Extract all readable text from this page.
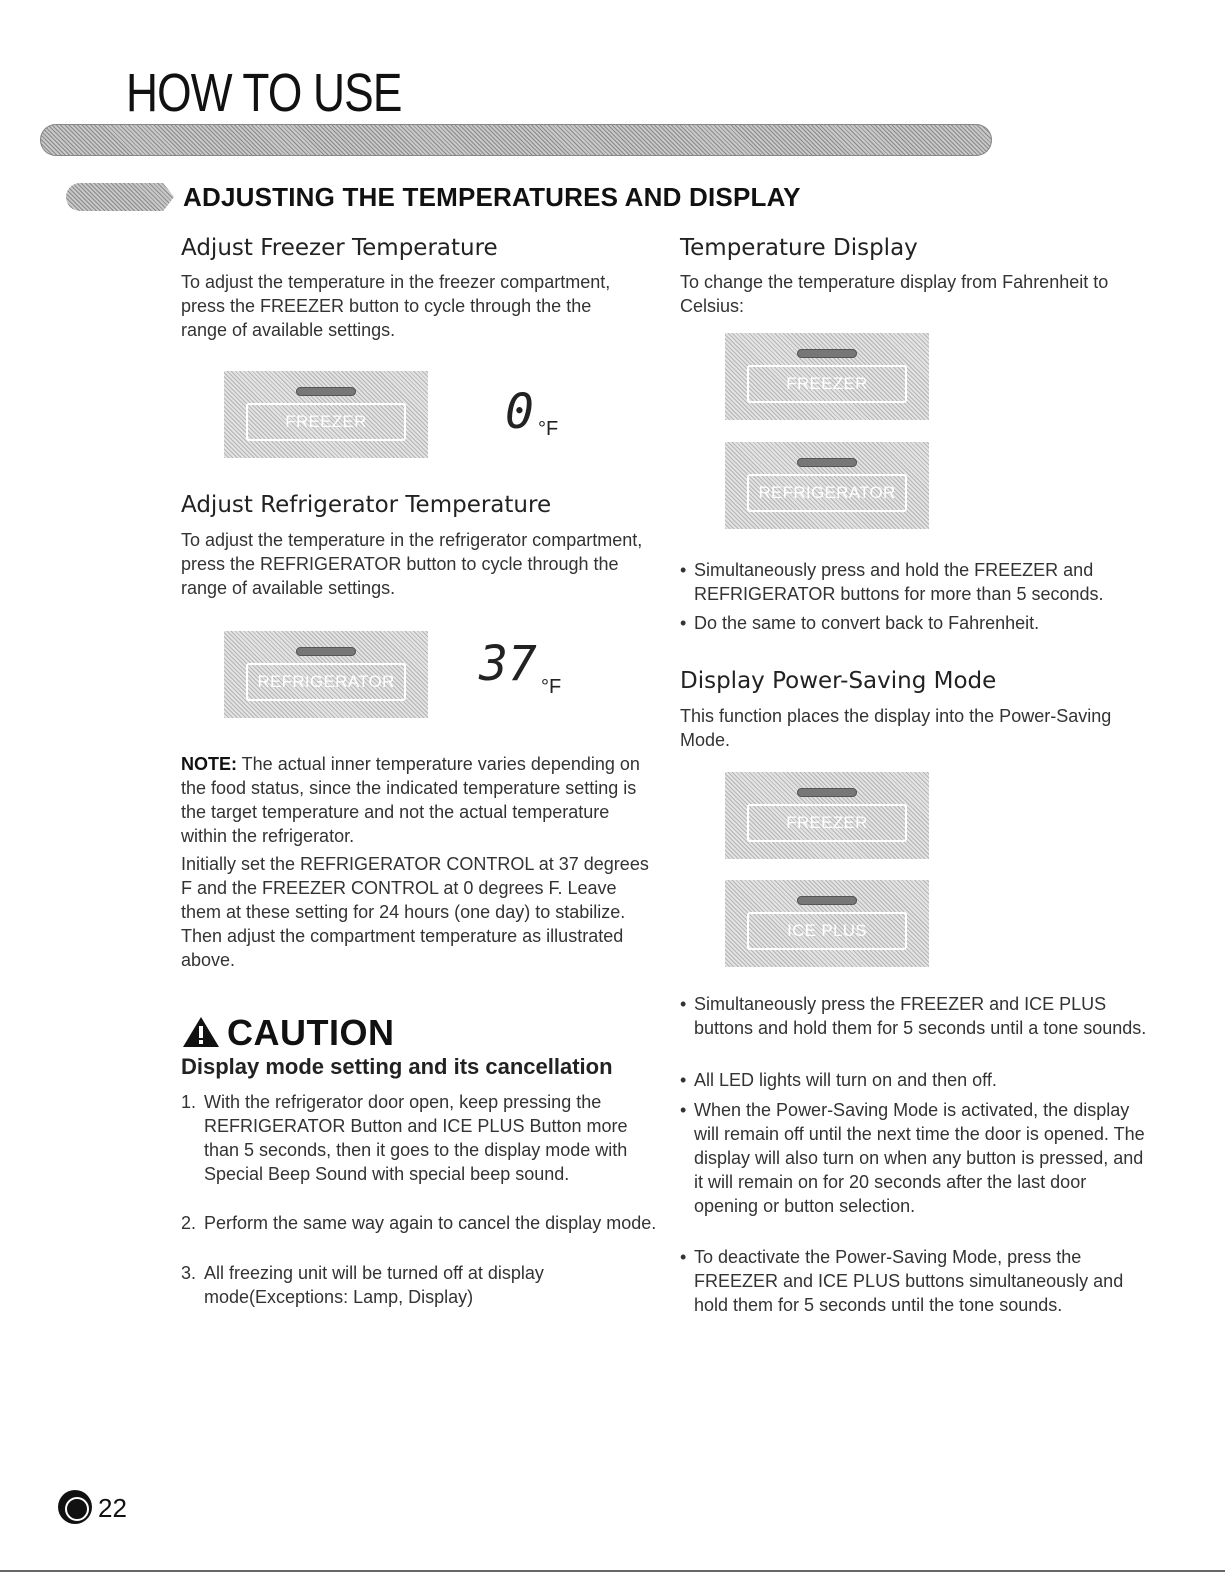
HOW TO USE
ADJUSTING THE TEMPERATURES AND DISPLAY
Adjust Freezer Temperature

To adjust the temperature in the freezer compartment, press the FREEZER button to cycle through the the range of available settings.

FREEZER	0 °F
Adjust Refrigerator Temperature

To adjust the temperature in the refrigerator compartment, press the REFRIGERATOR button to cycle through the range of available settings.

REFRIGERATOR 37 °F

NOTE: The actual inner temperature varies depending on the food status, since the indicated temperature setting is the target temperature and not the actual temperature within the refrigerator.

Initially set the REFRIGERATOR CONTROL at 37 degrees F and the FREEZER CONTROL at 0 degrees F. Leave them at these setting for 24 hours (one day) to stabilize. Then adjust the compartment temperature as illustrated above.

CAUTION
Display mode setting and its cancellation
1. With the refrigerator door open, keep pressing the REFRIGERATOR Button and ICE PLUS Button more than 5 seconds, then it goes to the display mode with Special Beep Sound with special beep sound.
2. Perform the same way again to cancel the display mode.
3. All freezing unit will be turned off at display mode(Exceptions: Lamp, Display)
Temperature Display

To change the temperature display from Fahrenheit to Celsius:

FREEZER
REFRIGERATOR
• Simultaneously press and hold the FREEZER and REFRIGERATOR buttons for more than 5 seconds.
• Do the same to convert back to Fahrenheit.
Display Power-Saving Mode

This function places the display into the Power-Saving Mode.

FREEZER
ICE PLUS
• Simultaneously press the FREEZER and ICE PLUS buttons and hold them for 5 seconds until a tone sounds.
• All LED lights will turn on and then off.
• When the Power-Saving Mode is activated, the display will remain off until the next time the door is opened. The display will also turn on when any button is pressed, and it will remain on for 20 seconds after the last door opening or button selection.
• To deactivate the Power-Saving Mode, press the FREEZER and ICE PLUS buttons simultaneously and hold them for 5 seconds until the tone sounds.
22
